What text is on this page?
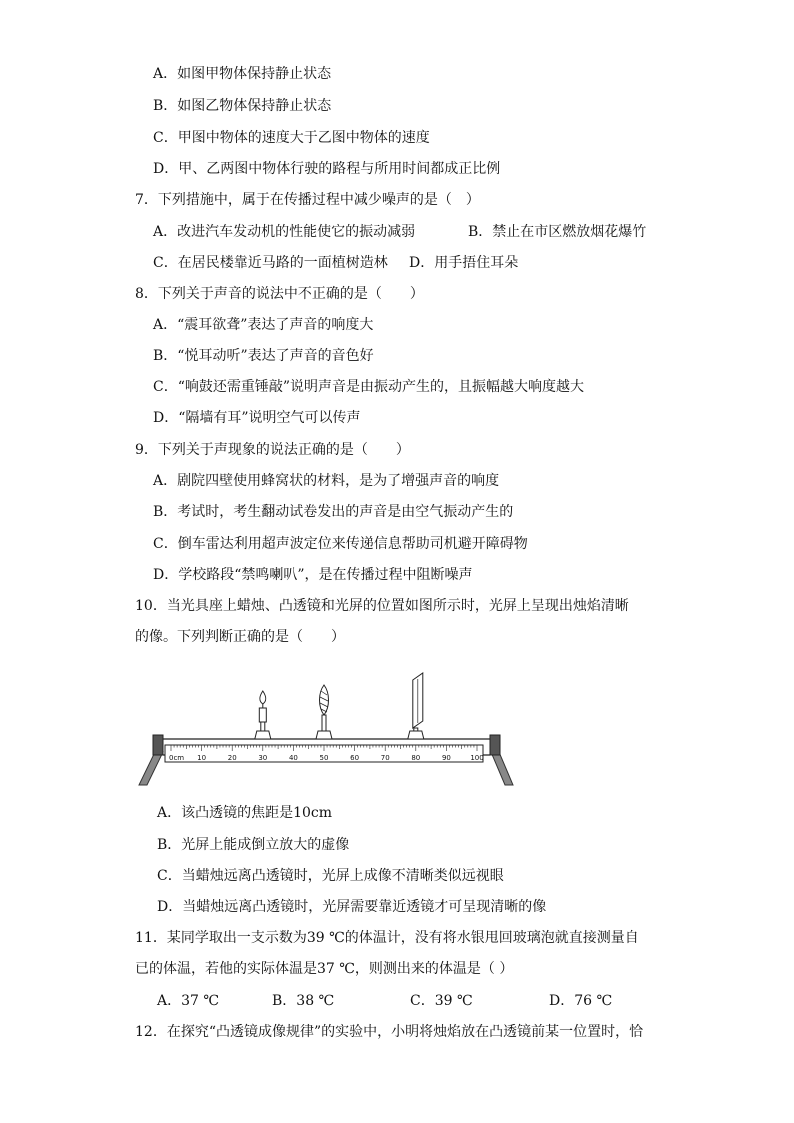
A．如图甲物体保持静止状态
B．如图乙物体保持静止状态
C．甲图中物体的速度大于乙图中物体的速度
D．甲、乙两图中物体行驶的路程与所用时间都成正比例
7．下列措施中，属于在传播过程中减少噪声的是（　）
A．改进汽车发动机的性能使它的振动减弱	B．禁止在市区燃放烟花爆竹
C．在居民楼靠近马路的一面植树造林 D．用手捂住耳朵
8．下列关于声音的说法中不正确的是（　　）
A．“震耳欲聋”表达了声音的响度大
B．“悦耳动听”表达了声音的音色好
C．“响鼓还需重锤敲”说明声音是由振动产生的，且振幅越大响度越大
D．“隔墙有耳”说明空气可以传声
9．下列关于声现象的说法正确的是（　　）
A．剧院四壁使用蜂窝状的材料，是为了增强声音的响度
B．考试时，考生翻动试卷发出的声音是由空气振动产生的
C．倒车雷达利用超声波定位来传递信息帮助司机避开障碍物
D．学校路段“禁鸣喇叭”，是在传播过程中阻断噪声
10．当光具座上蜡烛、凸透镜和光屏的位置如图所示时，光屏上呈现出烛焰清晰
的像。下列判断正确的是（　　）
0cm 10	20	30	40	50	60	70	80	90	100
A．该凸透镜的焦距是10cm
B．光屏上能成倒立放大的虚像
C．当蜡烛远离凸透镜时，光屏上成像不清晰类似远视眼
D．当蜡烛远离凸透镜时，光屏需要靠近透镜才可呈现清晰的像
11．某同学取出一支示数为39 ℃的体温计，没有将水银甩回玻璃泡就直接测量自
已的体温，若他的实际体温是37 ℃，则测出来的体温是（ ）
A．37 ℃	B．38 ℃	C．39 ℃	D．76 ℃
12．在探究“凸透镜成像规律”的实验中，小明将烛焰放在凸透镜前某一位置时，恰
